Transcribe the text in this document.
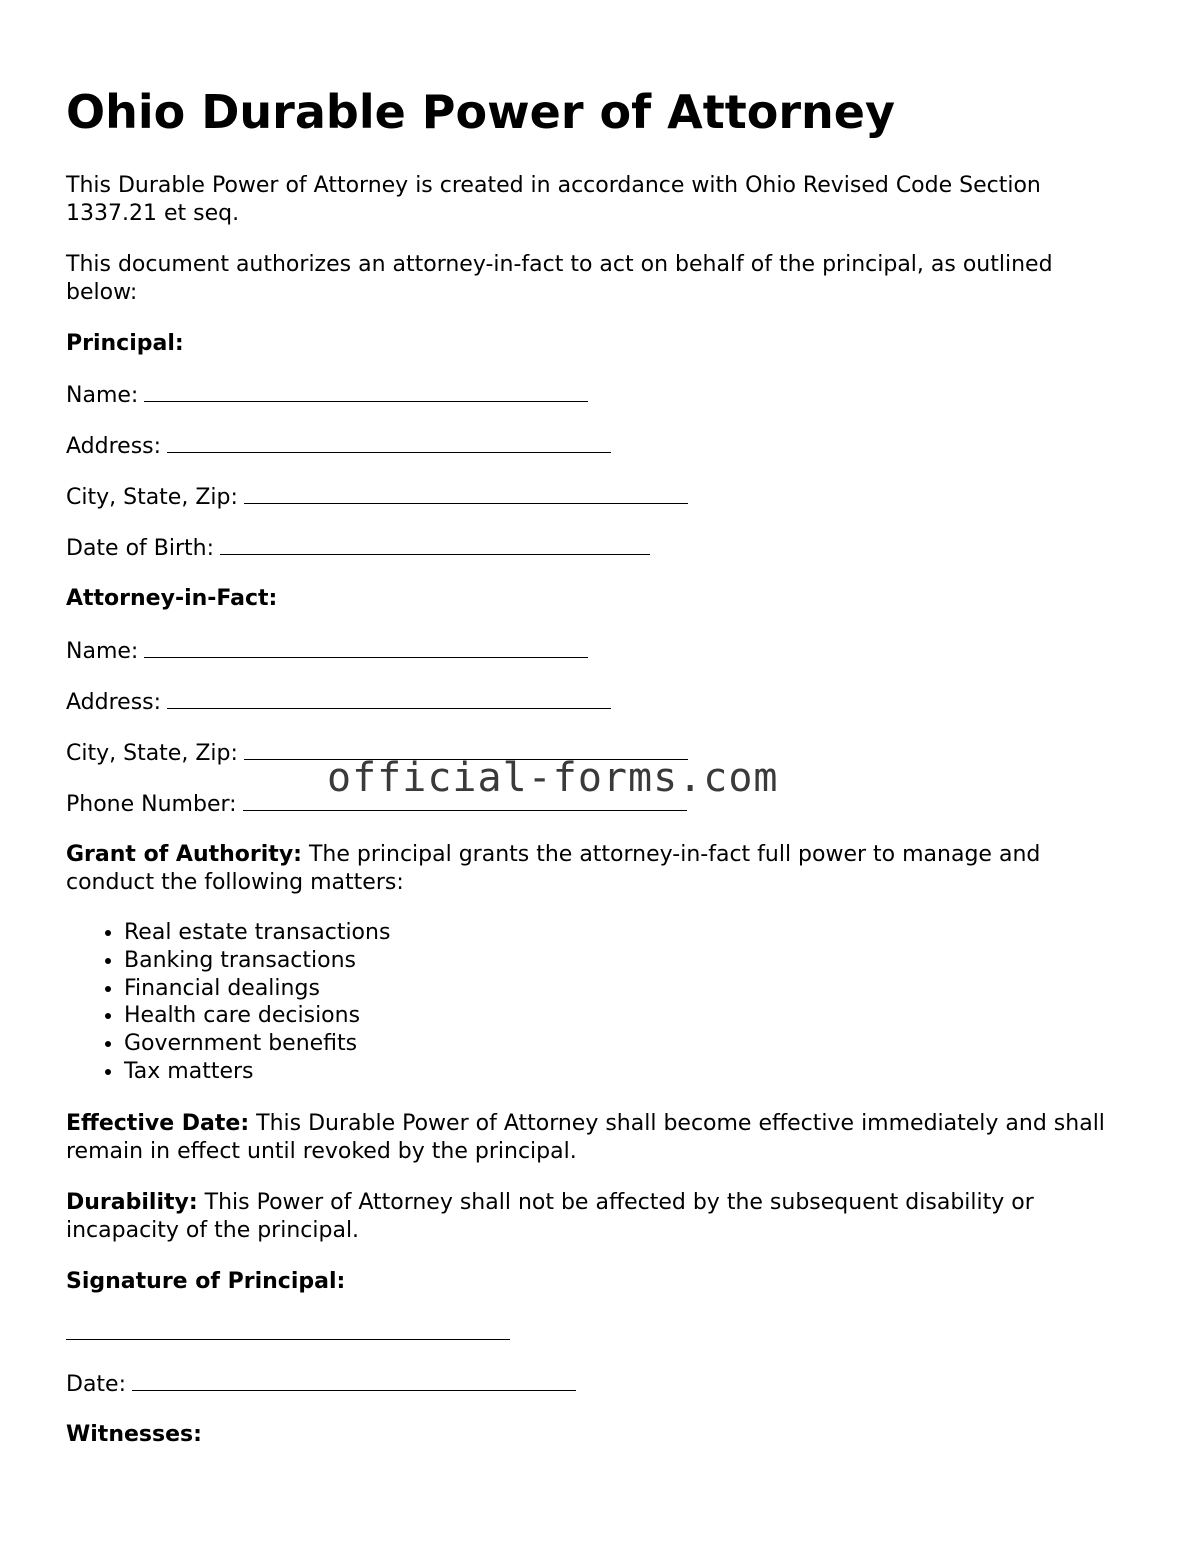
Ohio Durable Power of Attorney

This Durable Power of Attorney is created in accordance with Ohio Revised Code Section 1337.21 et seq.

This document authorizes an attorney-in-fact to act on behalf of the principal, as outlined below:

Principal:

Name:

Address:

City, State, Zip:

Date of Birth:

Attorney-in-Fact:

Name:

Address:

City, State, Zip:

Phone Number:

Grant of Authority: The principal grants the attorney-in-fact full power to manage and conduct the following matters:

• Real estate transactions
• Banking transactions
• Financial dealings
• Health care decisions
• Government benefits
• Tax matters

Effective Date: This Durable Power of Attorney shall become effective immediately and shall remain in effect until revoked by the principal.

Durability: This Power of Attorney shall not be affected by the subsequent disability or incapacity of the principal.

Signature of Principal:

Date:

Witnesses:

official-forms.com
